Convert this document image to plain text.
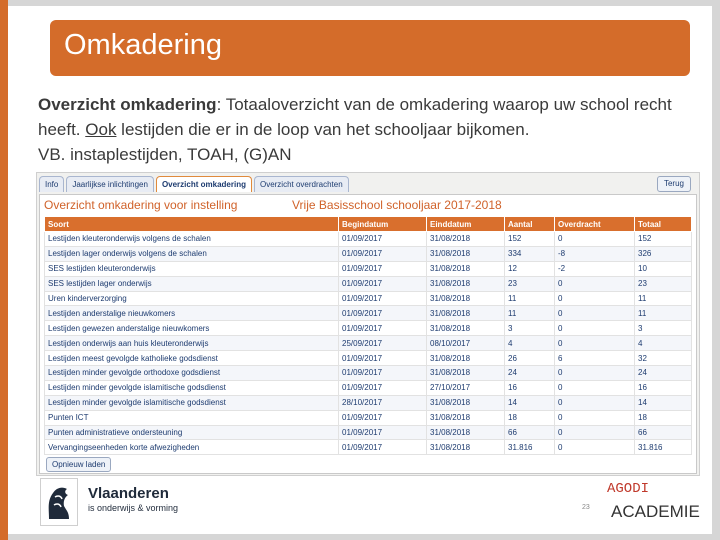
Omkadering
Overzicht omkadering: Totaaloverzicht van de omkadering waarop uw school recht heeft. Ook lestijden die er in de loop van het schooljaar bijkomen.
VB. instaplestijden, TOAH, (G)AN
Info	Jaarlijkse inlichtingen	Overzicht omkadering	Overzicht overdrachten	Terug
Overzicht omkadering voor instelling	Vrije Basisschool schooljaar 2017-2018
Soort	Begindatum	Einddatum	Aantal	Overdracht	Totaal
Lestijden kleuteronderwijs volgens de schalen	01/09/2017	31/08/2018	152	0	152
Lestijden lager onderwijs volgens de schalen	01/09/2017	31/08/2018	334	-8	326
SES lestijden kleuteronderwijs	01/09/2017	31/08/2018	12	-2	10
SES lestijden lager onderwijs	01/09/2017	31/08/2018	23	0	23
Uren kinderverzorging	01/09/2017	31/08/2018	11	0	11
Lestijden anderstalige nieuwkomers	01/09/2017	31/08/2018	11	0	11
Lestijden gewezen anderstalige nieuwkomers	01/09/2017	31/08/2018	3	0	3
Lestijden onderwijs aan huis kleuteronderwijs	25/09/2017	08/10/2017	4	0	4
Lestijden meest gevolgde katholieke godsdienst	01/09/2017	31/08/2018	26	6	32
Lestijden minder gevolgde orthodoxe godsdienst	01/09/2017	31/08/2018	24	0	24
Lestijden minder gevolgde islamitische godsdienst	01/09/2017	27/10/2017	16	0	16
Lestijden minder gevolgde islamitische godsdienst	28/10/2017	31/08/2018	14	0	14
Punten ICT	01/09/2017	31/08/2018	18	0	18
Punten administratieve ondersteuning	01/09/2017	31/08/2018	66	0	66
Vervangingseenheden korte afwezigheden	01/09/2017	31/08/2018	31.816	0	31.816
Opnieuw laden
Vlaanderen
is onderwijs & vorming	23
AGODI
ACADEMIE
